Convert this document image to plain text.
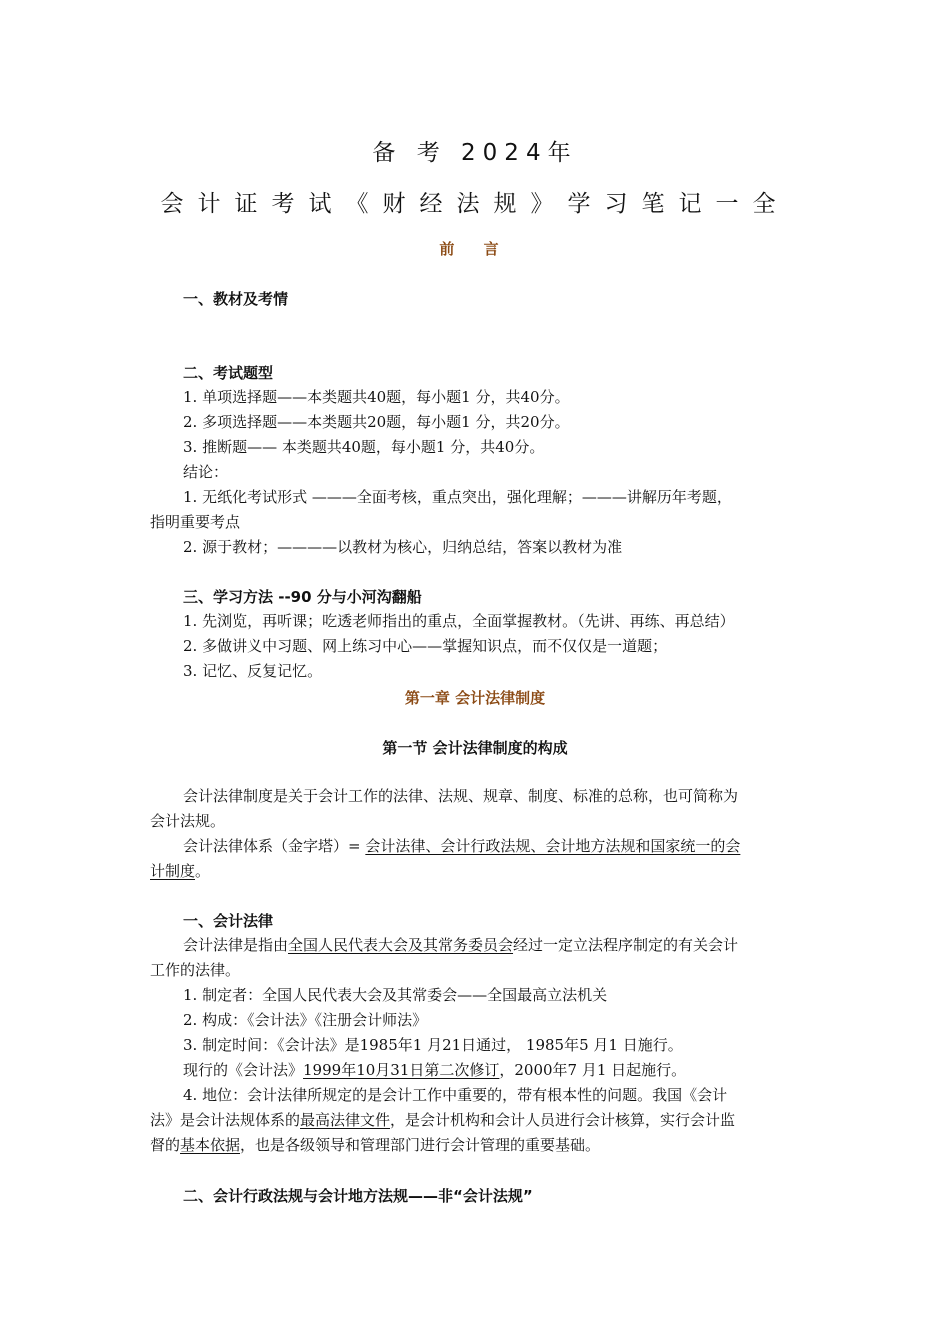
备 考 2024年
会计证考试《财经法规》学习笔记一全
前 言
一、教材及考情
二、考试题型
1. 单项选择题——本类题共40题，每小题1 分，共40分。
2. 多项选择题——本类题共20题，每小题1 分，共20分。
3. 推断题—— 本类题共40题，每小题1 分，共40分。
结论：
1. 无纸化考试形式 ———全面考核，重点突出，强化理解；———讲解历年考题，
指明重要考点
2. 源于教材；————以教材为核心，归纳总结，答案以教材为准
三、学习方法 --90 分与小河沟翻船
1. 先浏览，再听课；吃透老师指出的重点，全面掌握教材。（先讲、再练、再总结）
2. 多做讲义中习题、网上练习中心——掌握知识点，而不仅仅是一道题；
3. 记忆、反复记忆。
第一章 会计法律制度
第一节 会计法律制度的构成
会计法律制度是关于会计工作的法律、法规、规章、制度、标准的总称，也可简称为
会计法规。
会计法律体系（金字塔）= 会计法律、会计行政法规、会计地方法规和国家统一的会
计制度。
一、会计法律
会计法律是指由全国人民代表大会及其常务委员会经过一定立法程序制定的有关会计
工作的法律。
1. 制定者：全国人民代表大会及其常委会——全国最高立法机关
2. 构成：《会计法》《注册会计师法》
3. 制定时间：《会计法》是1985年1 月21日通过， 1985年5 月1 日施行。
现行的《会计法》1999年10月31日第二次修订，2000年7 月1 日起施行。
4. 地位：会计法律所规定的是会计工作中重要的，带有根本性的问题。我国《会计
法》是会计法规体系的最高法律文件，是会计机构和会计人员进行会计核算，实行会计监
督的基本依据，也是各级领导和管理部门进行会计管理的重要基础。
二、会计行政法规与会计地方法规——非“会计法规”
